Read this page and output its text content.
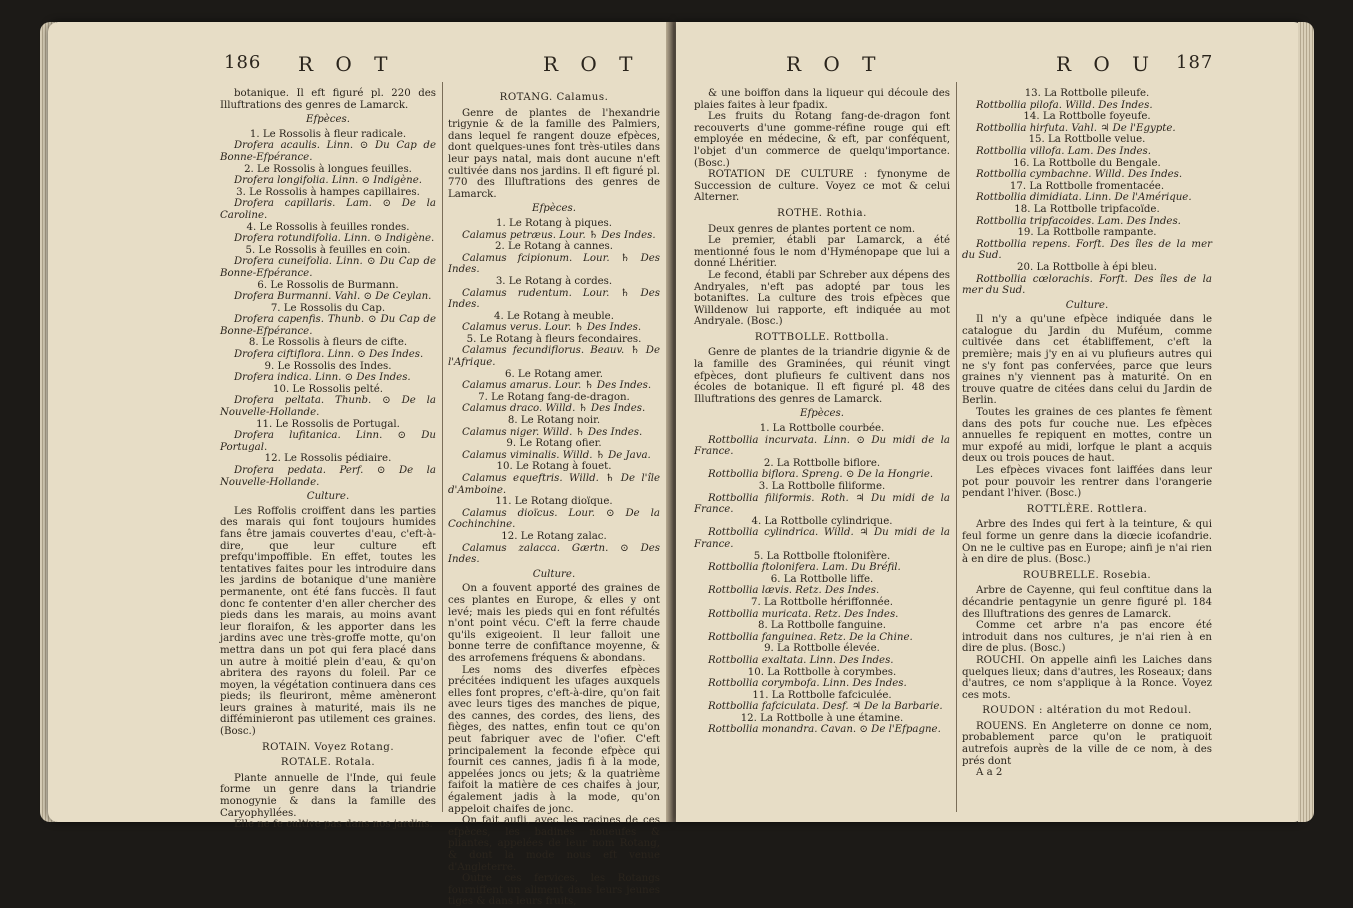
186 R O T	R O T

botanique. Il eft figuré pl. 220 des Illuftrations des genres de Lamarck.

Efpèces.

1. Le Rossolis à fleur radicale.

Drofera acaulis. Linn. ⊙ Du Cap de Bonne-Efpérance.

2. Le Rossolis à longues feuilles.

Drofera longifolia. Linn. ⊙ Indigène.

3. Le Rossolis à hampes capillaires.

Drofera capillaris. Lam. ⊙ De la Caroline.

4. Le Rossolis à feuilles rondes.

Drofera rotundifolia. Linn. ⊙ Indigène.

5. Le Rossolis à feuilles en coin.

Drofera cuneifolia. Linn. ⊙ Du Cap de Bonne-Efpérance.

6. Le Rossolis de Burmann.

Drofera Burmanni. Vahl. ⊙ De Ceylan.

7. Le Rossolis du Cap.

Drofera capenfis. Thunb. ⊙ Du Cap de Bonne-Efpérance.

8. Le Rossolis à fleurs de cifte.

Drofera ciftiflora. Linn. ⊙ Des Indes.

9. Le Rossolis des Indes.

Drofera indica. Linn. ⊙ Des Indes.

10. Le Rossolis pelté.

Drofera peltata. Thunb. ⊙ De la Nouvelle-Hollande.

11. Le Rossolis de Portugal.

Drofera lufitanica. Linn. ⊙ Du Portugal.

12. Le Rossolis pédiaire.

Drofera pedata. Perf. ⊙ De la Nouvelle-Hollande.

Culture.

Les Roffolis croiffent dans les parties des marais qui font toujours humides fans être jamais couvertes d'eau, c'eft-à-dire, que leur culture eft prefqu'impoffible. En effet, toutes les tentatives faites pour les introduire dans les jardins de botanique d'une manière permanente, ont été fans fuccès. Il faut donc fe contenter d'en aller chercher des pieds dans les marais, au moins avant leur floraifon, & les apporter dans les jardins avec une très-groffe motte, qu'on mettra dans un pot qui fera placé dans un autre à moitié plein d'eau, & qu'on abritera des rayons du foleil. Par ce moyen, la végétation continuera dans ces pieds; ils fleuriront, même amèneront leurs graines à maturité, mais ils ne difféminieront pas utilement ces graines. (Bosc.)

ROTAIN. Voyez Rotang.

ROTALE. Rotala.

Plante annuelle de l'Inde, qui feule forme un genre dans la triandrie monogynie & dans la famille des Caryophyllées.

Elle ne fe cultive pas dans nos jardins.

ROTANG. Calamus.

Genre de plantes de l'hexandrie trigynie & de la famille des Palmiers, dans lequel fe rangent douze efpèces, dont quelques-unes font très-utiles dans leur pays natal, mais dont aucune n'eft cultivée dans nos jardins. Il eft figuré pl. 770 des Illuftrations des genres de Lamarck.

Efpèces.

1. Le Rotang à piques.

Calamus petræus. Lour. ♄ Des Indes.

2. Le Rotang à cannes.

Calamus fcipionum. Lour. ♄ Des Indes.

3. Le Rotang à cordes.

Calamus rudentum. Lour. ♄ Des Indes.

4. Le Rotang à meuble.

Calamus verus. Lour. ♄ Des Indes.

5. Le Rotang à fleurs fecondaires.

Calamus fecundiflorus. Beauv. ♄ De l'Afrique.

6. Le Rotang amer.

Calamus amarus. Lour. ♄ Des Indes.

7. Le Rotang fang-de-dragon.

Calamus draco. Willd. ♄ Des Indes.

8. Le Rotang noir.

Calamus niger. Willd. ♄ Des Indes.

9. Le Rotang ofier.

Calamus viminalis. Willd. ♄ De Java.

10. Le Rotang à fouet.

Calamus equeftris. Willd. ♄ De l'île d'Amboine.

11. Le Rotang dioïque.

Calamus dioïcus. Lour. ⊙ De la Cochinchine.

12. Le Rotang zalac.

Calamus zalacca. Gærtn. ⊙ Des Indes.

Culture.

On a fouvent apporté des graines de ces plantes en Europe, & elles y ont levé; mais les pieds qui en font réfultés n'ont point vécu. C'eft la ferre chaude qu'ils exigeoient. Il leur falloit une bonne terre de confiftance moyenne, & des arrofemens fréquens & abondans.

Les noms des diverfes efpèces précitées indiquent les ufages auxquels elles font propres, c'eft-à-dire, qu'on fait avec leurs tiges des manches de pique, des cannes, des cordes, des liens, des fièges, des nattes, enfin tout ce qu'on peut fabriquer avec de l'ofier. C'eft principalement la feconde efpèce qui fournit ces cannes, jadis fi à la mode, appelées joncs ou jets; & la quatrième faifoit la matière de ces chaifes à jour, également jadis à la mode, qu'on appeloit chaifes de jonc.

On fait aufli, avec les racines de ces efpèces, les badines noueufes & pliantes, appelées de leur nom Rotang, & dont la mode nous eft venue d'Angleterre.

Outre ces fervices, les Rotangs fourniffent un aliment dans leurs jeunes tiges & dans leurs fruits,

R O T	R O U 187

& une boiffon dans la liqueur qui découle des plaies faites à leur fpadix.

Les fruits du Rotang fang-de-dragon font recouverts d'une gomme-réfine rouge qui eft employée en médecine, & eft, par conféquent, l'objet d'un commerce de quelqu'importance. (Bosc.)

ROTATION DE CULTURE : fynonyme de Succession de culture. Voyez ce mot & celui Alterner.

ROTHE. Rothia.

Deux genres de plantes portent ce nom.

Le premier, établi par Lamarck, a été mentionné fous le nom d'Hyménopape que lui a donné Lhéritier.

Le fecond, établi par Schreber aux dépens des Andryales, n'eft pas adopté par tous les botaniftes. La culture des trois efpèces que Willdenow lui rapporte, eft indiquée au mot Andryale. (Bosc.)

ROTTBOLLE. Rottbolla.

Genre de plantes de la triandrie digynie & de la famille des Graminées, qui réunit vingt efpèces, dont plufieurs fe cultivent dans nos écoles de botanique. Il eft figuré pl. 48 des Illuftrations des genres de Lamarck.

Efpèces.

1. La Rottbolle courbée.

Rottbollia incurvata. Linn. ⊙ Du midi de la France.

2. La Rottbolle biflore.

Rottbollia biflora. Spreng. ⊙ De la Hongrie.

3. La Rottbolle filiforme.

Rottbollia filiformis. Roth. ♃ Du midi de la France.

4. La Rottbolle cylindrique.

Rottbollia cylindrica. Willd. ♃ Du midi de la France.

5. La Rottbolle ftolonifère.

Rottbollia ftolonifera. Lam. Du Bréfil.

6. La Rottbolle liffe.

Rottbollia lævis. Retz. Des Indes.

7. La Rottbolle hériffonnée.

Rottbollia muricata. Retz. Des Indes.

8. La Rottbolle fanguine.

Rottbollia fanguinea. Retz. De la Chine.

9. La Rottbolle élevée.

Rottbollia exaltata. Linn. Des Indes.

10. La Rottbolle à corymbes.

Rottbollia corymbofa. Linn. Des Indes.

11. La Rottbolle fafciculée.

Rottbollia fafciculata. Desf. ♃ De la Barbarie.

12. La Rottbolle à une étamine.

Rottbollia monandra. Cavan. ⊙ De l'Efpagne.

13. La Rottbolle pileufe.

Rottbollia pilofa. Willd. Des Indes.

14. La Rottbolle foyeufe.

Rottbollia hirfuta. Vahl. ♃ De l'Egypte.

15. La Rottbolle velue.

Rottbollia villofa. Lam. Des Indes.

16. La Rottbolle du Bengale.

Rottbollia cymbachne. Willd. Des Indes.

17. La Rottbolle fromentacée.

Rottbollia dimidiata. Linn. De l'Amérique.

18. La Rottbolle tripfacoïde.

Rottbollia tripfacoides. Lam. Des Indes.

19. La Rottbolle rampante.

Rottbollia repens. Forft. Des îles de la mer du Sud.

20. La Rottbolle à épi bleu.

Rottbollia cœlorachis. Forft. Des îles de la mer du Sud.

Culture.

Il n'y a qu'une efpèce indiquée dans le catalogue du Jardin du Muféum, comme cultivée dans cet établiffement, c'eft la première; mais j'y en ai vu plufieurs autres qui ne s'y font pas confervées, parce que leurs graines n'y viennent pas à maturité. On en trouve quatre de citées dans celui du Jardin de Berlin.

Toutes les graines de ces plantes fe fèment dans des pots fur couche nue. Les efpèces annuelles fe repiquent en mottes, contre un mur expofé au midi, lorfque le plant a acquis deux ou trois pouces de haut.

Les efpèces vivaces font laiffées dans leur pot pour pouvoir les rentrer dans l'orangerie pendant l'hiver. (Bosc.)

ROTTLÈRE. Rottlera.

Arbre des Indes qui fert à la teinture, & qui feul forme un genre dans la diœcie icofandrie. On ne le cultive pas en Europe; ainfi je n'ai rien à en dire de plus. (Bosc.)

ROUBRELLE. Rosebia.

Arbre de Cayenne, qui feul conftitue dans la décandrie pentagynie un genre figuré pl. 184 des Illuftrations des genres de Lamarck.

Comme cet arbre n'a pas encore été introduit dans nos cultures, je n'ai rien à en dire de plus. (Bosc.)

ROUCHI. On appelle ainfi les Laiches dans quelques lieux; dans d'autres, les Roseaux; dans d'autres, ce nom s'applique à la Ronce. Voyez ces mots.

ROUDON : altération du mot Redoul.

ROUENS. En Angleterre on donne ce nom, probablement parce qu'on le pratiquoit autrefois auprès de la ville de ce nom, à des prés dont

A a 2
